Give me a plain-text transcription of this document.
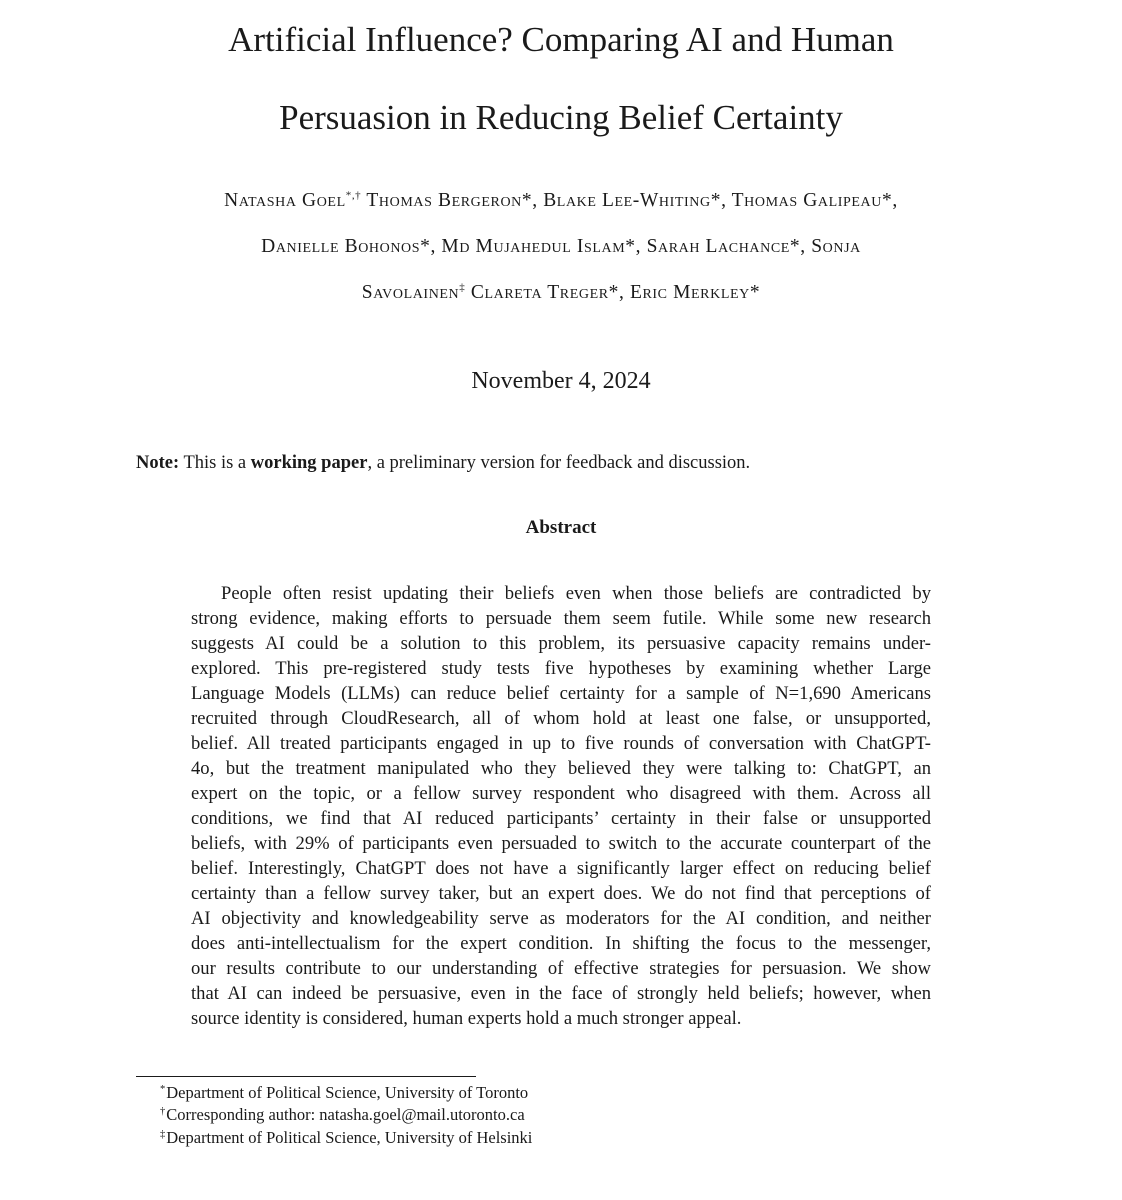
Artificial Influence? Comparing AI and Human
Persuasion in Reducing Belief Certainty
Natasha Goel*,† Thomas Bergeron*, Blake Lee-Whiting*, Thomas Galipeau*,
Danielle Bohonos*, Md Mujahedul Islam*, Sarah Lachance*, Sonja
Savolainen‡ Clareta Treger*, Eric Merkley*
November 4, 2024
Note: This is a working paper, a preliminary version for feedback and discussion.
Abstract
People often resist updating their beliefs even when those beliefs are contradicted by
strong evidence, making efforts to persuade them seem futile. While some new research
suggests AI could be a solution to this problem, its persuasive capacity remains under-
explored. This pre-registered study tests five hypotheses by examining whether Large
Language Models (LLMs) can reduce belief certainty for a sample of N=1,690 Americans
recruited through CloudResearch, all of whom hold at least one false, or unsupported,
belief. All treated participants engaged in up to five rounds of conversation with ChatGPT-
4o, but the treatment manipulated who they believed they were talking to: ChatGPT, an
expert on the topic, or a fellow survey respondent who disagreed with them. Across all
conditions, we find that AI reduced participants’ certainty in their false or unsupported
beliefs, with 29% of participants even persuaded to switch to the accurate counterpart of the
belief. Interestingly, ChatGPT does not have a significantly larger effect on reducing belief
certainty than a fellow survey taker, but an expert does. We do not find that perceptions of
AI objectivity and knowledgeability serve as moderators for the AI condition, and neither
does anti-intellectualism for the expert condition. In shifting the focus to the messenger,
our results contribute to our understanding of effective strategies for persuasion. We show
that AI can indeed be persuasive, even in the face of strongly held beliefs; however, when
source identity is considered, human experts hold a much stronger appeal.
*Department of Political Science, University of Toronto
†Corresponding author: natasha.goel@mail.utoronto.ca
‡Department of Political Science, University of Helsinki
